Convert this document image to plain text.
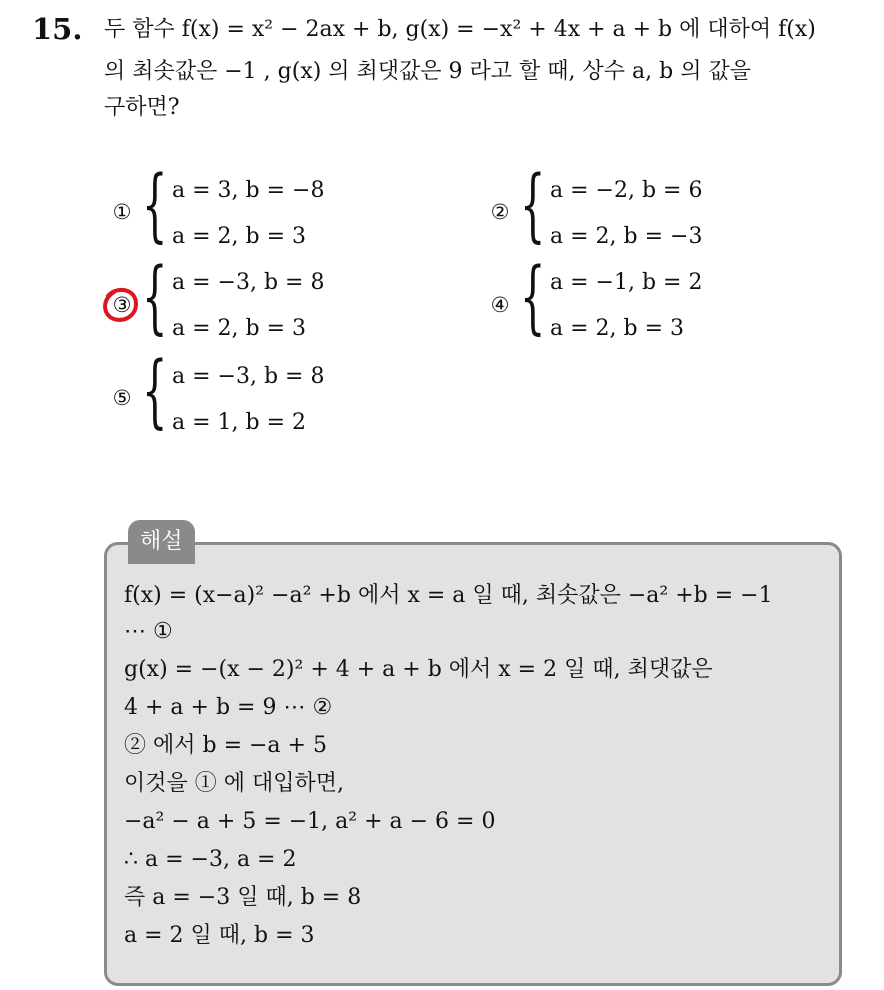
15. 두 함수 f(x) = x² − 2ax + b, g(x) = −x² + 4x + a + b 에 대하여 f(x)
의 최솟값은 −1 , g(x) 의 최댓값은 9 라고 할 때, 상수 a, b 의 값을
구하면?
① { a = 3, b = −8
a = 2, b = 3
② { a = −2, b = 6
a = 2, b = −3
③ { a = −3, b = 8
a = 2, b = 3
④ { a = −1, b = 2
a = 2, b = 3
⑤ { a = −3, b = 8
a = 1, b = 2
해설
f(x) = (x−a)² −a² +b 에서 x = a 일 때, 최솟값은 −a² +b = −1
⋯ ①
g(x) = −(x − 2)² + 4 + a + b 에서 x = 2 일 때, 최댓값은
4 + a + b = 9 ⋯ ②
② 에서 b = −a + 5
이것을 ① 에 대입하면,
−a² − a + 5 = −1, a² + a − 6 = 0
∴ a = −3, a = 2
즉 a = −3 일 때, b = 8
a = 2 일 때, b = 3
